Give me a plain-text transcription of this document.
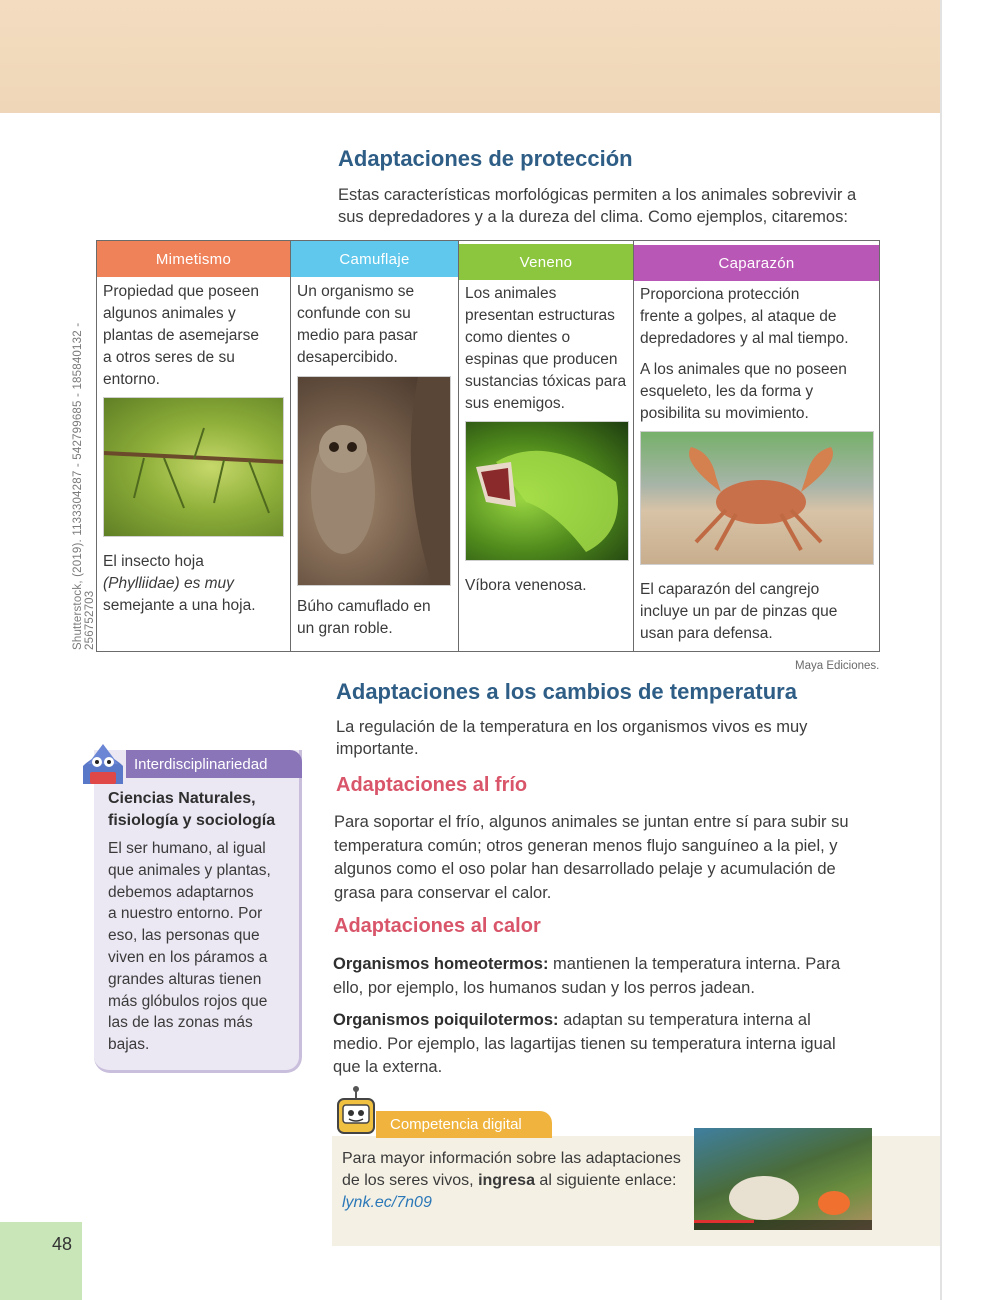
Adaptaciones de protección
Estas características morfológicas permiten a los animales sobrevivir a
sus depredadores y a la dureza del clima. Como ejemplos, citaremos:
Shutterstock, (2019). 1133304287 - 542799685 - 185840132 - 256752703
Mimetismo
Propiedad que poseen
algunos animales y
plantas de asemejarse
a otros seres de su
entorno.
El insecto hoja
(Phylliidae) es muy
semejante a una hoja.
Camuflaje
Un organismo se
confunde con su
medio para pasar
desapercibido.
Búho camuflado en
un gran roble.
Veneno
Los animales
presentan estructuras
como dientes o
espinas que producen
sustancias tóxicas para
sus enemigos.
Víbora venenosa.
Caparazón
Proporciona protección
frente a golpes, al ataque de
depredadores y al mal tiempo.
A los animales que no poseen
esqueleto, les da forma y
posibilita su movimiento.
El caparazón del cangrejo
incluye un par de pinzas que
usan para defensa.
Maya Ediciones.
Adaptaciones a los cambios de temperatura
La regulación de la temperatura en los organismos vivos es muy
importante.
Adaptaciones al frío
Para soportar el frío, algunos animales se juntan entre sí para subir su
temperatura común; otros generan menos flujo sanguíneo a la piel, y
algunos como el oso polar han desarrollado pelaje y acumulación de
grasa para conservar el calor.
Adaptaciones al calor
Organismos homeotermos: mantienen la temperatura interna. Para
ello, por ejemplo, los humanos sudan y los perros jadean.
Organismos poiquilotermos: adaptan su temperatura interna al
medio. Por ejemplo, las lagartijas tienen su temperatura interna igual
que la externa.
Interdisciplinariedad
Ciencias Naturales,
fisiología y sociología
El ser humano, al igual
que animales y plantas,
debemos adaptarnos
a nuestro entorno. Por
eso, las personas que
viven en los páramos a
grandes alturas tienen
más glóbulos rojos que
las de las zonas más
bajas.
Competencia digital
Para mayor información sobre las adaptaciones
de los seres vivos, ingresa al siguiente enlace:
lynk.ec/7n09
48
